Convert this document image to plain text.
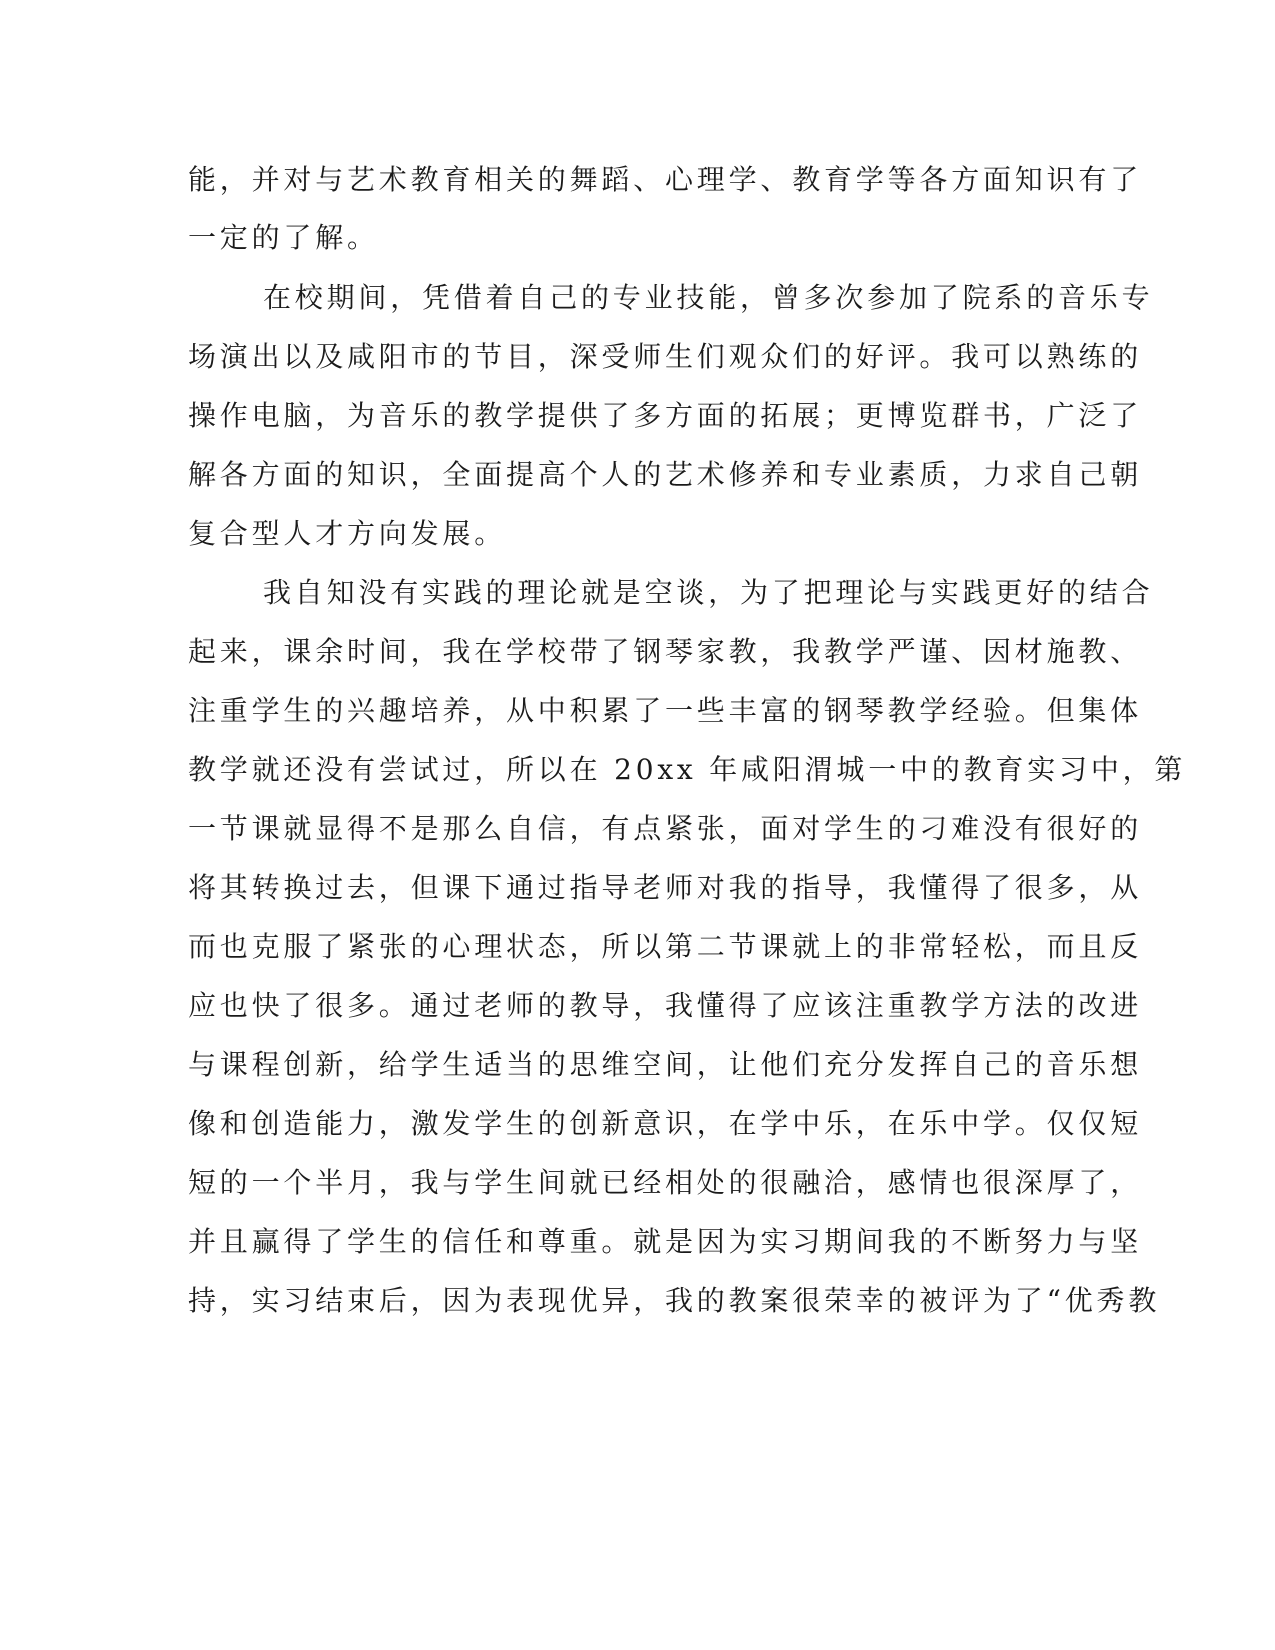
能，并对与艺术教育相关的舞蹈、心理学、教育学等各方面知识有了
一定的了解。
在校期间，凭借着自己的专业技能，曾多次参加了院系的音乐专
场演出以及咸阳市的节目，深受师生们观众们的好评。我可以熟练的
操作电脑，为音乐的教学提供了多方面的拓展；更博览群书，广泛了
解各方面的知识，全面提高个人的艺术修养和专业素质，力求自己朝
复合型人才方向发展。
我自知没有实践的理论就是空谈，为了把理论与实践更好的结合
起来，课余时间，我在学校带了钢琴家教，我教学严谨、因材施教、
注重学生的兴趣培养，从中积累了一些丰富的钢琴教学经验。但集体
教学就还没有尝试过，所以在 20xx 年咸阳渭城一中的教育实习中，第
一节课就显得不是那么自信，有点紧张，面对学生的刁难没有很好的
将其转换过去，但课下通过指导老师对我的指导，我懂得了很多，从
而也克服了紧张的心理状态，所以第二节课就上的非常轻松，而且反
应也快了很多。通过老师的教导，我懂得了应该注重教学方法的改进
与课程创新，给学生适当的思维空间，让他们充分发挥自己的音乐想
像和创造能力，激发学生的创新意识，在学中乐，在乐中学。仅仅短
短的一个半月，我与学生间就已经相处的很融洽，感情也很深厚了，
并且赢得了学生的信任和尊重。就是因为实习期间我的不断努力与坚
持，实习结束后，因为表现优异，我的教案很荣幸的被评为了“优秀教
